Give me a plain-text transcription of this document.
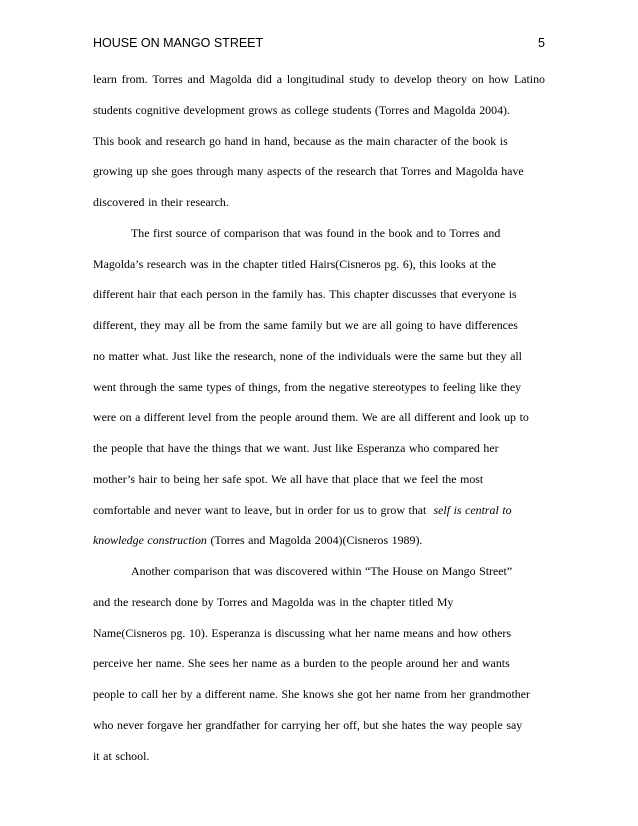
HOUSE ON MANGO STREET	5
learn from. Torres and Magolda did a longitudinal study to develop theory on how Latino
students cognitive development grows as college students (Torres and Magolda 2004).
This book and research go hand in hand, because as the main character of the book is
growing up she goes through many aspects of the research that Torres and Magolda have
discovered in their research.
The first source of comparison that was found in the book and to Torres and
Magolda’s research was in the chapter titled Hairs(Cisneros pg. 6), this looks at the
different hair that each person in the family has. This chapter discusses that everyone is
different, they may all be from the same family but we are all going to have differences
no matter what. Just like the research, none of the individuals were the same but they all
went through the same types of things, from the negative stereotypes to feeling like they
were on a different level from the people around them. We are all different and look up to
the people that have the things that we want. Just like Esperanza who compared her
mother’s hair to being her safe spot. We all have that place that we feel the most
comfortable and never want to leave, but in order for us to grow that self is central to
knowledge construction (Torres and Magolda 2004)(Cisneros 1989).
Another comparison that was discovered within “The House on Mango Street”
and the research done by Torres and Magolda was in the chapter titled My
Name(Cisneros pg. 10). Esperanza is discussing what her name means and how others
perceive her name. She sees her name as a burden to the people around her and wants
people to call her by a different name. She knows she got her name from her grandmother
who never forgave her grandfather for carrying her off, but she hates the way people say
it at school.
